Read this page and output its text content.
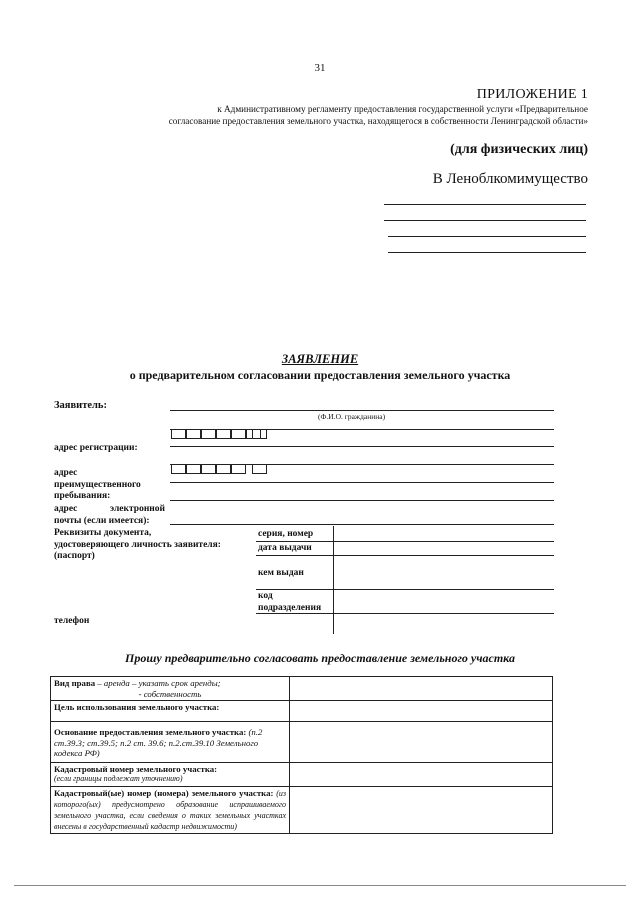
31
ПРИЛОЖЕНИЕ 1
к Административному регламенту предоставления государственной услуги «Предварительное
согласование предоставления земельного участка, находящегося в собственности Ленинградской области»
(для физических лиц)
В Леноблкомимущество
ЗАЯВЛЕНИЕ
о предварительном согласовании предоставления земельного участка
Заявитель:
(Ф.И.О. гражданина)
адрес регистрации:
адрес
преимущественного
пребывания:
адрес	электронной
почты (если имеется):
Реквизиты документа,
удостоверяющего личность заявителя:
(паспорт)
серия, номер
дата выдачи
кем выдан
код
подразделения
телефон
Прошу предварительно согласовать предоставление земельного участка
Вид права – аренда – указать срок аренды;
- собственность	

Цель использования земельного участка:	
Основание предоставления земельного участка: (п.2 ст.39.3; ст.39.5; п.2 ст. 39.6; п.2.ст.39.10 Земельного кодекса РФ)	

Кадастровый номер земельного участка:
(если границы подлежат уточнению)	

Кадастровый(ые) номер (номера) земельного участка: (из которого(ых) предусмотрено образование испрашиваемого земельного участка, если сведения о таких земельных участках внесены в государственный кадастр недвижимости)	
